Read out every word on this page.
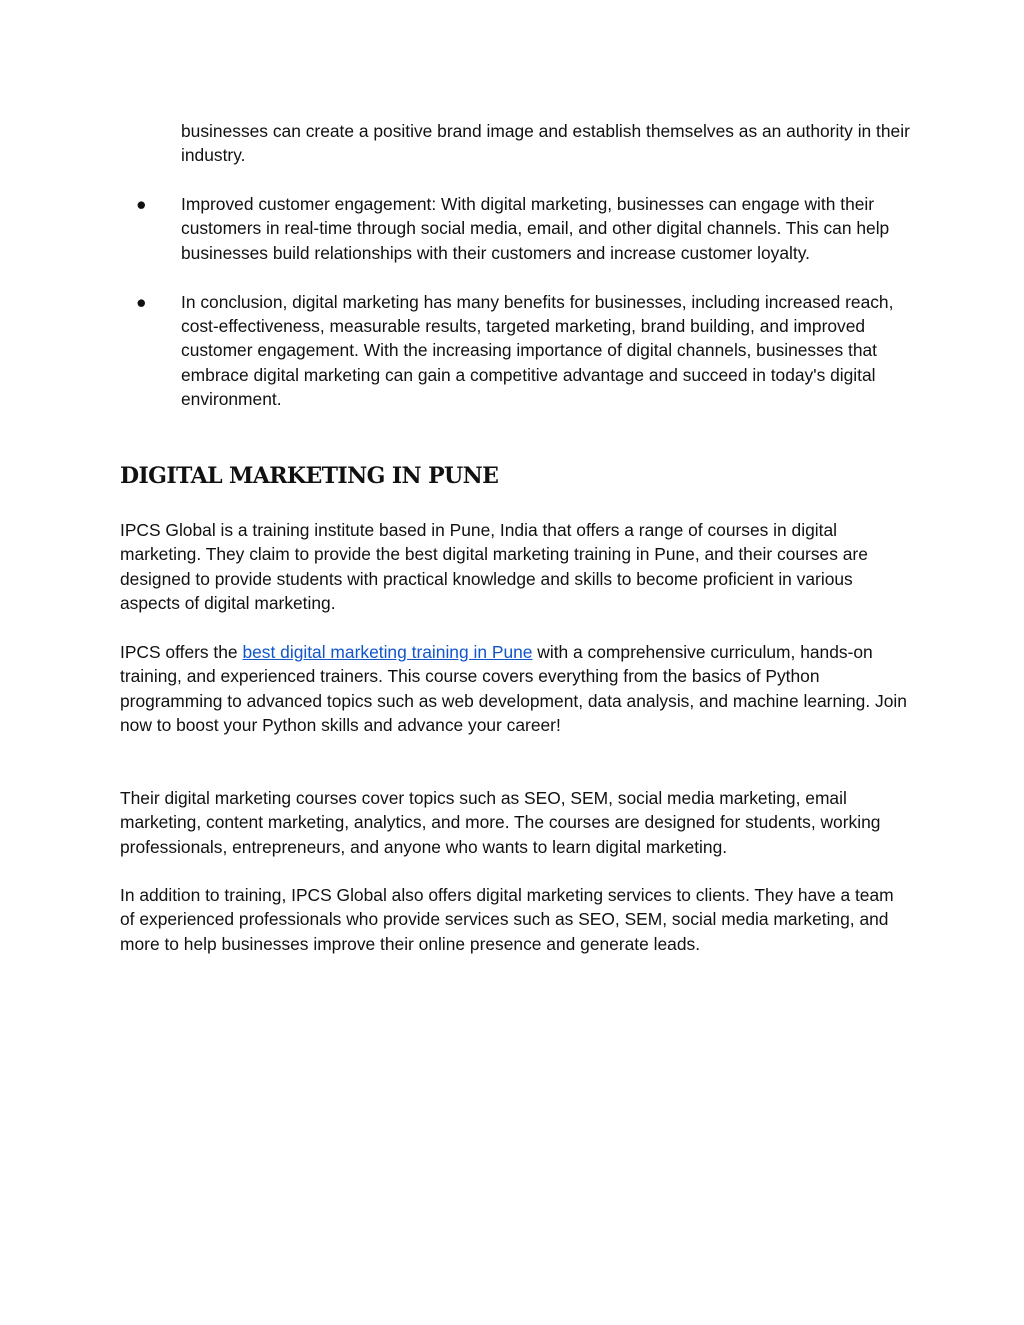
businesses can create a positive brand image and establish themselves as an authority in their industry.

● Improved customer engagement: With digital marketing, businesses can engage with their customers in real-time through social media, email, and other digital channels. This can help businesses build relationships with their customers and increase customer loyalty.
● In conclusion, digital marketing has many benefits for businesses, including increased reach, cost-effectiveness, measurable results, targeted marketing, brand building, and improved customer engagement. With the increasing importance of digital channels, businesses that embrace digital marketing can gain a competitive advantage and succeed in today's digital environment.
DIGITAL MARKETING IN PUNE

IPCS Global is a training institute based in Pune, India that offers a range of courses in digital marketing. They claim to provide the best digital marketing training in Pune, and their courses are designed to provide students with practical knowledge and skills to become proficient in various aspects of digital marketing.

IPCS offers the best digital marketing training in Pune with a comprehensive curriculum, hands-on training, and experienced trainers. This course covers everything from the basics of Python programming to advanced topics such as web development, data analysis, and machine learning. Join now to boost your Python skills and advance your career!

Their digital marketing courses cover topics such as SEO, SEM, social media marketing, email marketing, content marketing, analytics, and more. The courses are designed for students, working professionals, entrepreneurs, and anyone who wants to learn digital marketing.

In addition to training, IPCS Global also offers digital marketing services to clients. They have a team of experienced professionals who provide services such as SEO, SEM, social media marketing, and more to help businesses improve their online presence and generate leads.
